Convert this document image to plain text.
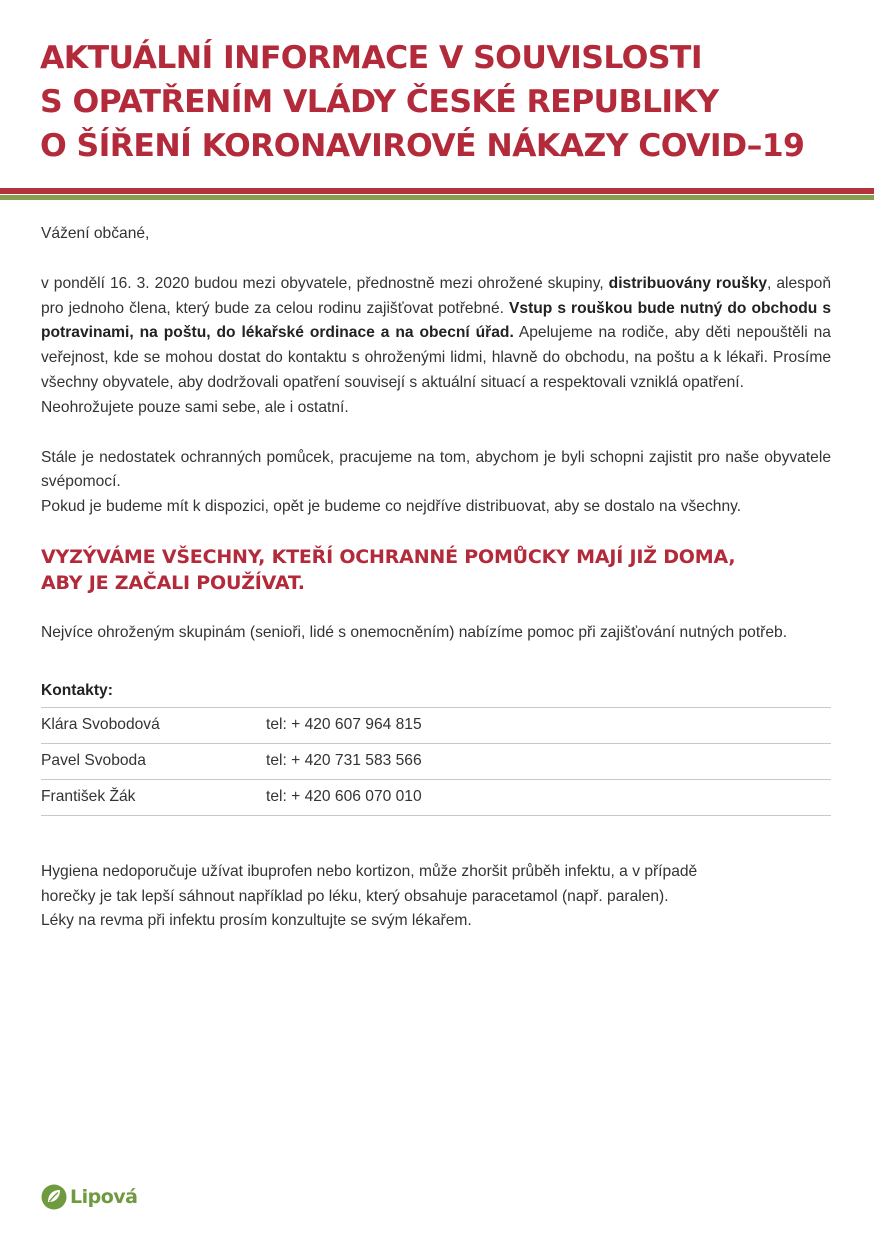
AKTUÁLNÍ INFORMACE V SOUVISLOSTI
S OPATŘENÍM VLÁDY ČESKÉ REPUBLIKY
O ŠÍŘENÍ KORONAVIROVÉ NÁKAZY COVID–19

Vážení občané,

v pondělí 16. 3. 2020 budou mezi obyvatele, přednostně mezi ohrožené skupiny, distribuovány roušky, alespoň pro jednoho člena, který bude za celou rodinu zajišťovat potřebné. Vstup s rouškou bude nutný do obchodu s potravinami, na poštu, do lékařské ordinace a na obecní úřad. Apelujeme na rodiče, aby děti nepouštěli na veřejnost, kde se mohou dostat do kontaktu s ohroženými lidmi, hlavně do obchodu, na poštu a k lékaři. Prosíme všechny obyvatele, aby dodržovali opatření souvisejí s aktuální situací a respektovali vzniklá opatření.

Neohrožujete pouze sami sebe, ale i ostatní.

Stále je nedostatek ochranných pomůcek, pracujeme na tom, abychom je byli schopni zajistit pro naše obyvatele svépomocí.

Pokud je budeme mít k dispozici, opět je budeme co nejdříve distribuovat, aby se dostalo na všechny.

VYZÝVÁME VŠECHNY, KTEŘÍ OCHRANNÉ POMŮCKY MAJÍ JIŽ DOMA,
ABY JE ZAČALI POUŽÍVAT.

Nejvíce ohroženým skupinám (senioři, lidé s onemocněním) nabízíme pomoc při zajišťování nutných potřeb.

Kontakty:
Klára Svobodová	tel: + 420 607 964 815
Pavel Svoboda	tel: + 420 731 583 566
František Žák	tel: + 420 606 070 010

Hygiena nedoporučuje užívat ibuprofen nebo kortizon, může zhoršit průběh infektu, a v případě

horečky je tak lepší sáhnout například po léku, který obsahuje paracetamol (např. paralen).

Léky na revma při infektu prosím konzultujte se svým lékařem.

Lipová
